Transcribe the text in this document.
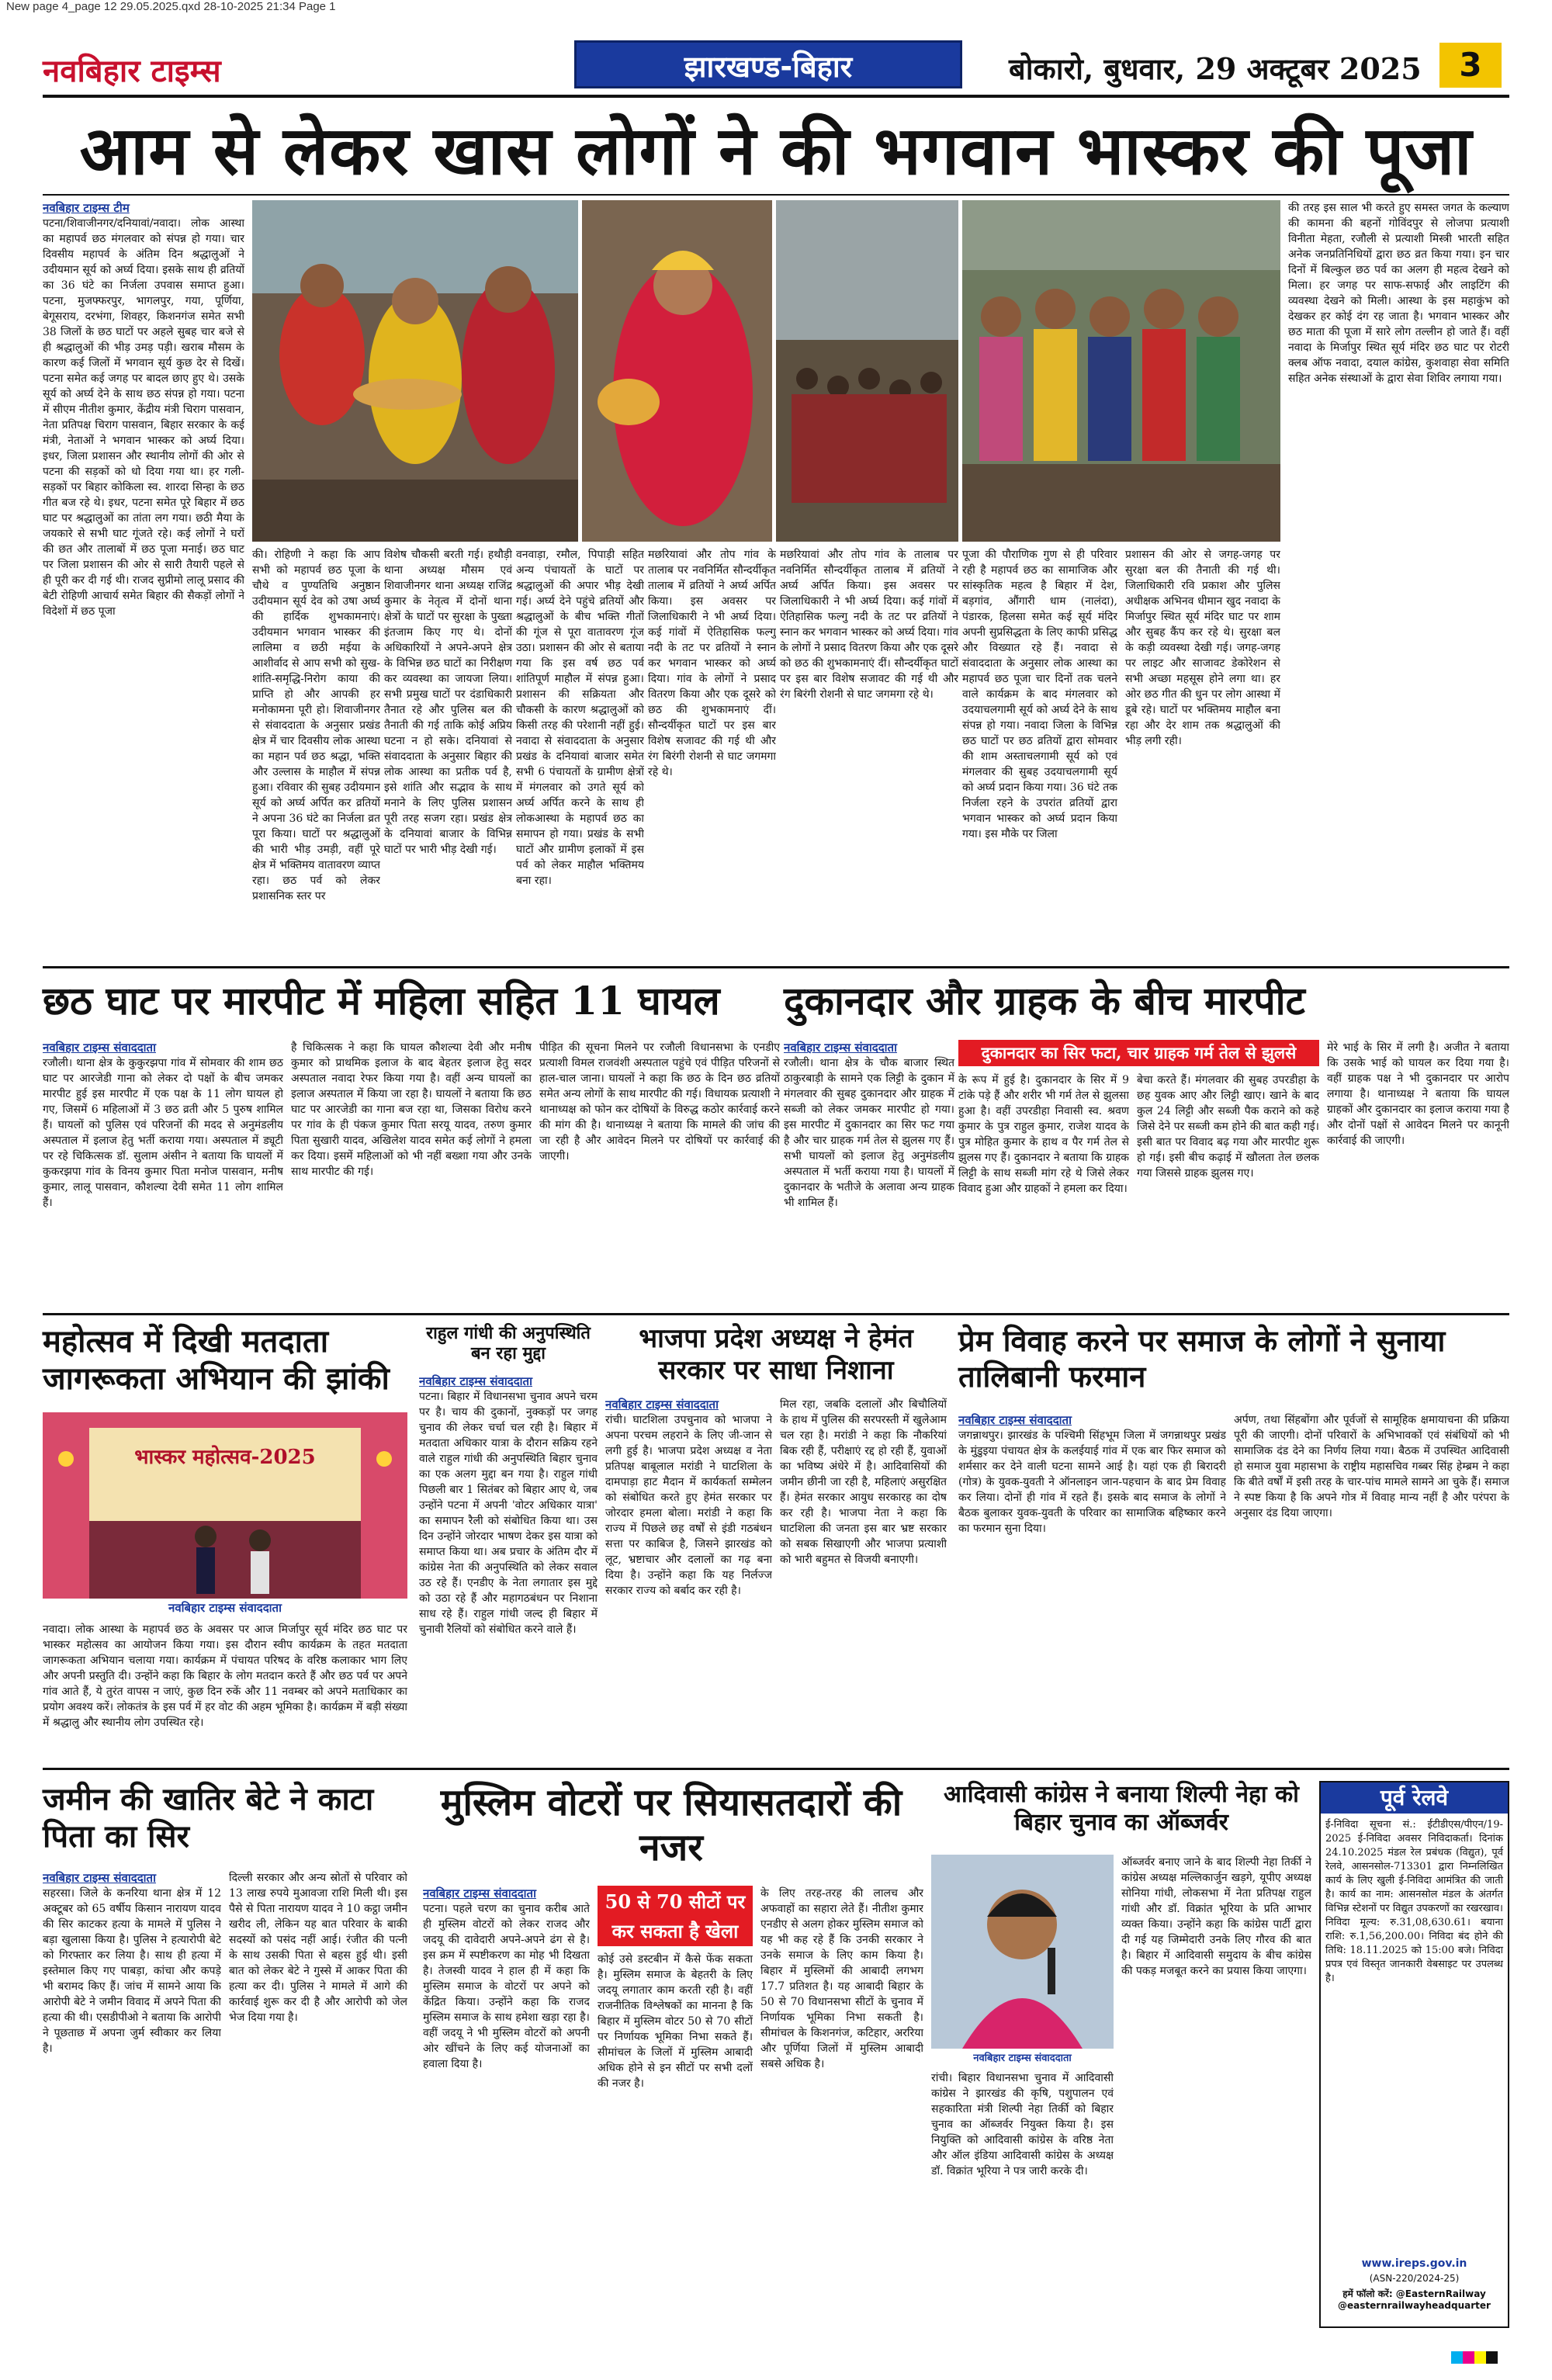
New page 4_page 12 29.05.2025.qxd 28-10-2025 21:34 Page 1
नवबिहार टाइम्स	झारखण्ड-बिहार	बोकारो, बुधवार, 29 अक्टूबर 2025	3
आम से लेकर खास लोगों ने की भगवान भास्कर की पूजा
नवबिहार टाइम्स टीम
पटना/शिवाजीनगर/दनियावां/नवादा। लोक आस्था का महापर्व छठ मंगलवार को संपन्न हो गया। चार दिवसीय महापर्व के अंतिम दिन श्रद्धालुओं ने उदीयमान सूर्य को अर्घ्य दिया। इसके साथ ही व्रतियों का 36 घंटे का निर्जला उपवास समाप्त हुआ। पटना, मुजफ्फरपुर, भागलपुर, गया, पूर्णिया, बेगूसराय, दरभंगा, शिवहर, किशनगंज समेत सभी 38 जिलों के छठ घाटों पर अहले सुबह चार बजे से ही श्रद्धालुओं की भीड़ उमड़ पड़ी। खराब मौसम के कारण कई जिलों में भगवान सूर्य कुछ देर से दिखें। पटना समेत कई जगह पर बादल छाए हुए थे। उसके सूर्य को अर्घ्य देने के साथ छठ संपन्न हो गया। पटना में सीएम नीतीश कुमार, केंद्रीय मंत्री चिराग पासवान, नेता प्रतिपक्ष चिराग पासवान, बिहार सरकार के कई मंत्री, नेताओं ने भगवान भास्कर को अर्घ्य दिया। इधर, जिला प्रशासन और स्थानीय लोगों की ओर से पटना की सड़कों को धो दिया गया था। हर गली-सड़कों पर बिहार कोकिला स्व. शारदा सिन्हा के छठ गीत बज रहे थे। इधर, पटना समेत पूरे बिहार में छठ घाट पर श्रद्धालुओं का तांता लग गया। छठी मैया के जयकारे से सभी घाट गूंजते रहे। कई लोगों ने घरों की छत और तालाबों में छठ पूजा मनाई। छठ घाट पर जिला प्रशासन की ओर से सारी तैयारी पहले से ही पूरी कर दी गई थी। राजद सुप्रीमो लालू प्रसाद की बेटी रोहिणी आचार्य समेत बिहार की सैकड़ों लोगों ने विदेशों में छठ पूजा
की। रोहिणी ने कहा कि आप सभी को महापर्व छठ पूजा के चौथे व पुण्यतिथि अनुष्ठान उदीयमान सूर्य देव को उषा अर्घ्य की हार्दिक शुभकामनाएं। उदीयमान भगवान भास्कर की लालिमा व छठी मईया के आशीर्वाद से आप सभी को सुख-शांति-समृद्धि-निरोग काया की प्राप्ति हो और आपकी हर मनोकामना पूरी हो। शिवाजीनगर से संवाददाता के अनुसार प्रखंड क्षेत्र में चार दिवसीय लोक आस्था का महान पर्व छठ श्रद्धा, भक्ति और उल्लास के माहौल में संपन्न हुआ। रविवार की सुबह उदीयमान सूर्य को अर्घ्य अर्पित कर व्रतियों ने अपना 36 घंटे का निर्जला व्रत पूरा किया। घाटों पर श्रद्धालुओं की भारी भीड़ उमड़ी, वहीं पूरे क्षेत्र में भक्तिमय वातावरण व्याप्त रहा। छठ पर्व को लेकर प्रशासनिक स्तर पर
विशेष चौकसी बरती गई। हथौड़ी थाना अध्यक्ष मौसम एवं शिवाजीनगर थाना अध्यक्ष राजिंद्र कुमार के नेतृत्व में दोनों थाना क्षेत्रों के घाटों पर सुरक्षा के पुख्ता इंतजाम किए गए थे। दोनों अधिकारियों ने अपने-अपने क्षेत्र के विभिन्न छठ घाटों का निरीक्षण कर व्यवस्था का जायजा लिया। सभी प्रमुख घाटों पर दंडाधिकारी तैनात रहे और पुलिस बल की तैनाती की गई ताकि कोई अप्रिय घटना न हो सके। दनियावां से संवाददाता के अनुसार बिहार की लोक आस्था का प्रतीक पर्व है, इसे शांति और सद्भाव के साथ मनाने के लिए पुलिस प्रशासन पूरी तरह सजग रहा। प्रखंड क्षेत्र के दनियावां बाजार के विभिन्न घाटों पर भारी भीड़ देखी गई।
वनवाड़ा, रमौल, पिपाड़ी सहित अन्य पंचायतों के घाटों पर श्रद्धालुओं की अपार भीड़ देखी गई। अर्घ्य देने पहुंचे व्रतियों और श्रद्धालुओं के बीच भक्ति गीतों की गूंज से पूरा वातावरण गूंज उठा। प्रशासन की ओर से बताया गया कि इस वर्ष छठ पर्व शांतिपूर्ण माहौल में संपन्न हुआ। प्रशासन की सक्रियता और चौकसी के कारण श्रद्धालुओं को किसी तरह की परेशानी नहीं हुई। नवादा से संवाददाता के अनुसार प्रखंड के दनियावां बाजार समेत सभी 6 पंचायतों के ग्रामीण क्षेत्रों में मंगलवार को उगते सूर्य को अर्घ्य अर्पित करने के साथ ही लोकआस्था के महापर्व छठ का समापन हो गया। प्रखंड के सभी घाटों और ग्रामीण इलाकों में इस पर्व को लेकर माहौल भक्तिमय बना रहा।
मछरियावां और तोप गांव के तालाब पर नवनिर्मित सौन्दर्यीकृत तालाब में व्रतियों ने अर्घ्य अर्पित किया। इस अवसर पर जिलाधिकारी ने भी अर्घ्य दिया। कई गांवों में ऐतिहासिक फल्गु नदी के तट पर व्रतियों ने स्नान कर भगवान भास्कर को अर्घ्य दिया। गांव के लोगों ने प्रसाद वितरण किया और एक दूसरे को छठ की शुभकामनाएं दीं। सौन्दर्यीकृत घाटों पर इस बार विशेष सजावट की गई थी और रंग बिरंगी रोशनी से घाट जगमगा रहे थे।
पूजा की पौराणिक गुण से ही परिवार रही है महापर्व छठ का सामाजिक और सांस्कृतिक महत्व है बिहार में देश, बड़गांव, औंगारी धाम (नालंदा), पंडारक, हिलसा समेत कई सूर्य मंदिर अपनी सुप्रसिद्धता के लिए काफी प्रसिद्ध और विख्यात रहे हैं। नवादा से संवाददाता के अनुसार लोक आस्था का महापर्व छठ पूजा चार दिनों तक चलने वाले कार्यक्रम के बाद मंगलवार को उदयाचलगामी सूर्य को अर्घ्य देने के साथ संपन्न हो गया। नवादा जिला के विभिन्न छठ घाटों पर छठ व्रतियों द्वारा सोमवार की शाम अस्ताचलगामी सूर्य को एवं मंगलवार की सुबह उदयाचलगामी सूर्य को अर्घ्य प्रदान किया गया। 36 घंटे तक निर्जला रहने के उपरांत व्रतियों द्वारा भगवान भास्कर को अर्घ्य प्रदान किया गया। इस मौके पर जिला
प्रशासन की ओर से जगह-जगह पर सुरक्षा बल की तैनाती की गई थी। जिलाधिकारी रवि प्रकाश और पुलिस अधीक्षक अभिनव धीमान खुद नवादा के मिर्जापुर स्थित सूर्य मंदिर घाट पर शाम और सुबह कैंप कर रहे थे। सुरक्षा बल के कड़ी व्यवस्था देखी गई। जगह-जगह पर लाइट और साजावट डेकोरेशन से सभी अच्छा महसूस होने लगा था। हर ओर छठ गीत की धुन पर लोग आस्था में डूबे रहे। घाटों पर भक्तिमय माहौल बना रहा और देर शाम तक श्रद्धालुओं की भीड़ लगी रही।
मछरियावां और तोप गांव के तालाब पर नवनिर्मित सौन्दर्यीकृत तालाब में व्रतियों ने अर्घ्य अर्पित किया। इस अवसर पर जिलाधिकारी ने भी अर्घ्य दिया। कई गांवों में ऐतिहासिक फल्गु नदी के तट पर व्रतियों ने स्नान कर भगवान भास्कर को अर्घ्य दिया। गांव के लोगों ने प्रसाद वितरण किया और एक दूसरे को छठ की शुभकामनाएं दीं। सौन्दर्यीकृत घाटों पर इस बार विशेष सजावट की गई थी और रंग बिरंगी रोशनी से घाट जगमगा रहे थे।
की तरह इस साल भी करते हुए समस्त जगत के कल्याण की कामना की बहनों गोविंदपुर से लोजपा प्रत्याशी विनीता मेहता, रजौली से प्रत्याशी मिस्त्री भारती सहित अनेक जनप्रतिनिधियों द्वारा छठ व्रत किया गया। इन चार दिनों में बिल्कुल छठ पर्व का अलग ही महत्व देखने को मिला। हर जगह पर साफ-सफाई और लाइटिंग की व्यवस्था देखने को मिली। आस्था के इस महाकुंभ को देखकर हर कोई दंग रह जाता है। भगवान भास्कर और छठ माता की पूजा में सारे लोग तल्लीन हो जाते हैं। वहीं नवादा के मिर्जापुर स्थित सूर्य मंदिर छठ घाट पर रोटरी क्लब ऑफ नवादा, दयाल कांग्रेस, कुशवाहा सेवा समिति सहित अनेक संस्थाओं के द्वारा सेवा शिविर लगाया गया।
छठ घाट पर मारपीट में महिला सहित 11 घायल
नवबिहार टाइम्स संवाददाता
रजौली। थाना क्षेत्र के कुकुरझपा गांव में सोमवार की शाम छठ घाट पर आरजेडी गाना को लेकर दो पक्षों के बीच जमकर मारपीट हुई इस मारपीट में एक पक्ष के 11 लोग घायल हो गए, जिसमें 6 महिलाओं में 3 छठ व्रती और 5 पुरुष शामिल हैं। घायलों को पुलिस एवं परिजनों की मदद से अनुमंडलीय अस्पताल में इलाज हेतु भर्ती कराया गया। अस्पताल में ड्यूटी पर रहे चिकित्सक डॉ. सुलाम अंसीन ने बताया कि घायलों में कुकरझपा गांव के विनय कुमार पिता मनोज पासवान, मनीष कुमार, लालू पासवान, कौशल्या देवी समेत 11 लोग शामिल हैं।
है चिकित्सक ने कहा कि घायल कौशल्या देवी और मनीष कुमार को प्राथमिक इलाज के बाद बेहतर इलाज हेतु सदर अस्पताल नवादा रेफर किया गया है। वहीं अन्य घायलों का इलाज अस्पताल में किया जा रहा है। घायलों ने बताया कि छठ घाट पर आरजेडी का गाना बज रहा था, जिसका विरोध करने पर गांव के ही पंकज कुमार पिता सरयू यादव, तरुण कुमार पिता सुखारी यादव, अखिलेश यादव समेत कई लोगों ने हमला कर दिया। इसमें महिलाओं को भी नहीं बख्शा गया और उनके साथ मारपीट की गई।
पीड़ित की सूचना मिलने पर रजौली विधानसभा के एनडीए प्रत्याशी विमल राजवंशी अस्पताल पहुंचे एवं पीड़ित परिजनों से हाल-चाल जाना। घायलों ने कहा कि छठ के दिन छठ व्रतियों समेत अन्य लोगों के साथ मारपीट की गई। विधायक प्रत्याशी ने थानाध्यक्ष को फोन कर दोषियों के विरुद्ध कठोर कार्रवाई करने की मांग की है। थानाध्यक्ष ने बताया कि मामले की जांच की जा रही है और आवेदन मिलने पर दोषियों पर कार्रवाई की जाएगी।
दुकानदार और ग्राहक के बीच मारपीट
नवबिहार टाइम्स संवाददाता
रजौली। थाना क्षेत्र के चौक बाजार स्थित ठाकुरबाड़ी के सामने एक लिट्टी के दुकान में मंगलवार की सुबह दुकानदार और ग्राहक में सब्जी को लेकर जमकर मारपीट हो गया। इस मारपीट में दुकानदार का सिर फट गया है और चार ग्राहक गर्म तेल से झुलस गए हैं। सभी घायलों को इलाज हेतु अनुमंडलीय अस्पताल में भर्ती कराया गया है। घायलों में दुकानदार के भतीजे के अलावा अन्य ग्राहक भी शामिल हैं।
दुकानदार का सिर फटा, चार ग्राहक गर्म तेल से झुलसे
के रूप में हुई है। दुकानदार के सिर में 9 टांके पड़े हैं और शरीर भी गर्म तेल से झुलसा हुआ है। वहीं उपरडीहा निवासी स्व. श्रवण कुमार के पुत्र राहुल कुमार, राजेश यादव के पुत्र मोहित कुमार के हाथ व पैर गर्म तेल से झुलस गए हैं। दुकानदार ने बताया कि ग्राहक लिट्टी के साथ सब्जी मांग रहे थे जिसे लेकर विवाद हुआ और ग्राहकों ने हमला कर दिया।
बेचा करते हैं। मंगलवार की सुबह उपरडीहा के छह युवक आए और लिट्टी खाए। खाने के बाद कुल 24 लिट्टी और सब्जी पैक कराने को कहे जिसे देने पर सब्जी कम होने की बात कही गई। इसी बात पर विवाद बढ़ गया और मारपीट शुरू हो गई। इसी बीच कढ़ाई में खौलता तेल छलक गया जिससे ग्राहक झुलस गए।
मेरे भाई के सिर में लगी है। अजीत ने बताया कि उसके भाई को घायल कर दिया गया है। वहीं ग्राहक पक्ष ने भी दुकानदार पर आरोप लगाया है। थानाध्यक्ष ने बताया कि घायल ग्राहकों और दुकानदार का इलाज कराया गया है और दोनों पक्षों से आवेदन मिलने पर कानूनी कार्रवाई की जाएगी।
महोत्सव में दिखी मतदाता जागरूकता अभियान की झांकी
भास्कर महोत्सव-2025
नवबिहार टाइम्स संवाददाता
नवादा। लोक आस्था के महापर्व छठ के अवसर पर आज मिर्जापुर सूर्य मंदिर छठ घाट पर भास्कर महोत्सव का आयोजन किया गया। इस दौरान स्वीप कार्यक्रम के तहत मतदाता जागरूकता अभियान चलाया गया। कार्यक्रम में पंचायत परिषद के वरिष्ठ कलाकार भाग लिए और अपनी प्रस्तुति दी। उन्होंने कहा कि बिहार के लोग मतदान करते हैं और छठ पर्व पर अपने गांव आते हैं, ये तुरंत वापस न जाएं, कुछ दिन रुकें और 11 नवम्बर को अपने मताधिकार का प्रयोग अवश्य करें। लोकतंत्र के इस पर्व में हर वोट की अहम भूमिका है। कार्यक्रम में बड़ी संख्या में श्रद्धालु और स्थानीय लोग उपस्थित रहे।
राहुल गांधी की अनुपस्थिति बन रहा मुद्दा
नवबिहार टाइम्स संवाददाता
पटना। बिहार में विधानसभा चुनाव अपने चरम पर है। चाय की दुकानों, नुक्कड़ों पर जगह चुनाव की लेकर चर्चा चल रही है। बिहार में मतदाता अधिकार यात्रा के दौरान सक्रिय रहने वाले राहुल गांधी की अनुपस्थिति बिहार चुनाव का एक अलग मुद्दा बन गया है। राहुल गांधी पिछली बार 1 सितंबर को बिहार आए थे, जब उन्होंने पटना में अपनी 'वोटर अधिकार यात्रा' का समापन रैली को संबोधित किया था। उस दिन उन्होंने जोरदार भाषण देकर इस यात्रा को समाप्त किया था। अब प्रचार के अंतिम दौर में कांग्रेस नेता की अनुपस्थिति को लेकर सवाल उठ रहे हैं। एनडीए के नेता लगातार इस मुद्दे को उठा रहे हैं और महागठबंधन पर निशाना साध रहे हैं। राहुल गांधी जल्द ही बिहार में चुनावी रैलियों को संबोधित करने वाले हैं।
भाजपा प्रदेश अध्यक्ष ने हेमंत सरकार पर साधा निशाना
नवबिहार टाइम्स संवाददाता
रांची। घाटशिला उपचुनाव को भाजपा ने अपना परचम लहराने के लिए जी-जान से लगी हुई है। भाजपा प्रदेश अध्यक्ष व नेता प्रतिपक्ष बाबूलाल मरांडी ने घाटशिला के दामपाड़ा हाट मैदान में कार्यकर्ता सम्मेलन को संबोधित करते हुए हेमंत सरकार पर जोरदार हमला बोला। मरांडी ने कहा कि राज्य में पिछले छह वर्षों से इंडी गठबंधन सत्ता पर काबिज है, जिसने झारखंड को लूट, भ्रष्टाचार और दलालों का गढ़ बना दिया है। उन्होंने कहा कि यह निर्लज्ज सरकार राज्य को बर्बाद कर रही है।
मिल रहा, जबकि दलालों और बिचौलियों के हाथ में पुलिस की सरपरस्ती में खुलेआम चल रहा है। मरांडी ने कहा कि नौकरियां बिक रही हैं, परीक्षाएं रद्द हो रही हैं, युवाओं का भविष्य अंधेरे में है। आदिवासियों की जमीन छीनी जा रही है, महिलाएं असुरक्षित हैं। हेमंत सरकार आयुध सरकारह का दोष कर रही है। भाजपा नेता ने कहा कि घाटशिला की जनता इस बार भ्रष्ट सरकार को सबक सिखाएगी और भाजपा प्रत्याशी को भारी बहुमत से विजयी बनाएगी।
प्रेम विवाह करने पर समाज के लोगों ने सुनाया तालिबानी फरमान
नवबिहार टाइम्स संवाददाता
जगन्नाथपुर। झारखंड के पश्चिमी सिंहभूम जिला में जगन्नाथपुर प्रखंड के मुंडुइया पंचायत क्षेत्र के कलईयाई गांव में एक बार फिर समाज को शर्मसार कर देने वाली घटना सामने आई है। यहां एक ही बिरादरी (गोत्र) के युवक-युवती ने ऑनलाइन जान-पहचान के बाद प्रेम विवाह कर लिया। दोनों ही गांव में रहते हैं। इसके बाद समाज के लोगों ने बैठक बुलाकर युवक-युवती के परिवार का सामाजिक बहिष्कार करने का फरमान सुना दिया।
अर्पण, तथा सिंहबोंगा और पूर्वजों से सामूहिक क्षमायाचना की प्रक्रिया पूरी की जाएगी। दोनों परिवारों के अभिभावकों एवं संबंधियों को भी सामाजिक दंड देने का निर्णय लिया गया। बैठक में उपस्थित आदिवासी हो समाज युवा महासभा के राष्ट्रीय महासचिव गब्बर सिंह हेम्ब्रम ने कहा कि बीते वर्षों में इसी तरह के चार-पांच मामले सामने आ चुके हैं। समाज ने स्पष्ट किया है कि अपने गोत्र में विवाह मान्य नहीं है और परंपरा के अनुसार दंड दिया जाएगा।
जमीन की खातिर बेटे ने काटा पिता का सिर
नवबिहार टाइम्स संवाददाता
सहरसा। जिले के कनरिया थाना क्षेत्र में 12 अक्टूबर को 65 वर्षीय किसान नारायण यादव की सिर काटकर हत्या के मामले में पुलिस ने बड़ा खुलासा किया है। पुलिस ने हत्यारोपी बेटे को गिरफ्तार कर लिया है। साथ ही हत्या में इस्तेमाल किए गए पाबड़ा, कांचा और कपड़े भी बरामद किए हैं। जांच में सामने आया कि आरोपी बेटे ने जमीन विवाद में अपने पिता की हत्या की थी। एसडीपीओ ने बताया कि आरोपी ने पूछताछ में अपना जुर्म स्वीकार कर लिया है।
दिल्ली सरकार और अन्य स्रोतों से परिवार को 13 लाख रुपये मुआवजा राशि मिली थी। इस पैसे से पिता नारायण यादव ने 10 कट्ठा जमीन खरीद ली, लेकिन यह बात परिवार के बाकी सदस्यों को पसंद नहीं आई। रंजीत की पत्नी के साथ उसकी पिता से बहस हुई थी। इसी बात को लेकर बेटे ने गुस्से में आकर पिता की हत्या कर दी। पुलिस ने मामले में आगे की कार्रवाई शुरू कर दी है और आरोपी को जेल भेज दिया गया है।
मुस्लिम वोटरों पर सियासतदारों की नजर
नवबिहार टाइम्स संवाददाता
पटना। पहले चरण का चुनाव करीब आते ही मुस्लिम वोटरों को लेकर राजद और जदयू की दावेदारी अपने-अपने ढंग से है। इस क्रम में स्पष्टीकरण का मोह भी दिखता है। तेजस्वी यादव ने हाल ही में कहा कि मुस्लिम समाज के वोटरों पर अपने को केंद्रित किया। उन्होंने कहा कि राजद मुस्लिम समाज के साथ हमेशा खड़ा रहा है। वहीं जदयू ने भी मुस्लिम वोटरों को अपनी ओर खींचने के लिए कई योजनाओं का हवाला दिया है।
50 से 70 सीटों पर कर सकता है खेला
कोई उसे डस्टबीन में कैसे फेंक सकता है। मुस्लिम समाज के बेहतरी के लिए जदयू लगातार काम करती रही है। वहीं राजनीतिक विश्लेषकों का मानना है कि बिहार में मुस्लिम वोटर 50 से 70 सीटों पर निर्णायक भूमिका निभा सकते हैं। सीमांचल के जिलों में मुस्लिम आबादी अधिक होने से इन सीटों पर सभी दलों की नजर है।
के लिए तरह-तरह की लालच और अफवाहों का सहारा लेते हैं। नीतीश कुमार एनडीए से अलग होकर मुस्लिम समाज को यह भी कह रहे हैं कि उनकी सरकार ने उनके समाज के लिए काम किया है। बिहार में मुस्लिमों की आबादी लगभग 17.7 प्रतिशत है। यह आबादी बिहार के 50 से 70 विधानसभा सीटों के चुनाव में निर्णायक भूमिका निभा सकती है। सीमांचल के किशनगंज, कटिहार, अररिया और पूर्णिया जिलों में मुस्लिम आबादी सबसे अधिक है।
आदिवासी कांग्रेस ने बनाया शिल्पी नेहा को बिहार चुनाव का ऑब्जर्वर
नवबिहार टाइम्स संवाददाता
रांची। बिहार विधानसभा चुनाव में आदिवासी कांग्रेस ने झारखंड की कृषि, पशुपालन एवं सहकारिता मंत्री शिल्पी नेहा तिर्की को बिहार चुनाव का ऑब्जर्वर नियुक्त किया है। इस नियुक्ति को आदिवासी कांग्रेस के वरिष्ठ नेता और ऑल इंडिया आदिवासी कांग्रेस के अध्यक्ष डॉ. विक्रांत भूरिया ने पत्र जारी करके दी।
ऑब्जर्वर बनाए जाने के बाद शिल्पी नेहा तिर्की ने कांग्रेस अध्यक्ष मल्लिकार्जुन खड़गे, यूपीए अध्यक्ष सोनिया गांधी, लोकसभा में नेता प्रतिपक्ष राहुल गांधी और डॉ. विक्रांत भूरिया के प्रति आभार व्यक्त किया। उन्होंने कहा कि कांग्रेस पार्टी द्वारा दी गई यह जिम्मेदारी उनके लिए गौरव की बात है। बिहार में आदिवासी समुदाय के बीच कांग्रेस की पकड़ मजबूत करने का प्रयास किया जाएगा।
पूर्व रेलवे
ई-निविदा सूचना सं.: ईटीडीएस/पीएन/19-2025 ई-निविदा अवसर निविदाकर्ता। दिनांक 24.10.2025 मंडल रेल प्रबंधक (विद्युत), पूर्व रेलवे, आसनसोल-713301 द्वारा निम्नलिखित कार्य के लिए खुली ई-निविदा आमंत्रित की जाती है। कार्य का नाम: आसनसोल मंडल के अंतर्गत विभिन्न स्टेशनों पर विद्युत उपकरणों का रखरखाव। निविदा मूल्य: रु.31,08,630.61। बयाना राशि: रु.1,56,200.00। निविदा बंद होने की तिथि: 18.11.2025 को 15:00 बजे। निविदा प्रपत्र एवं विस्तृत जानकारी वेबसाइट पर उपलब्ध है।
www.ireps.gov.in
(ASN-220/2024-25)
हमें फॉलो करें: @EasternRailway @easternrailwayheadquarter
